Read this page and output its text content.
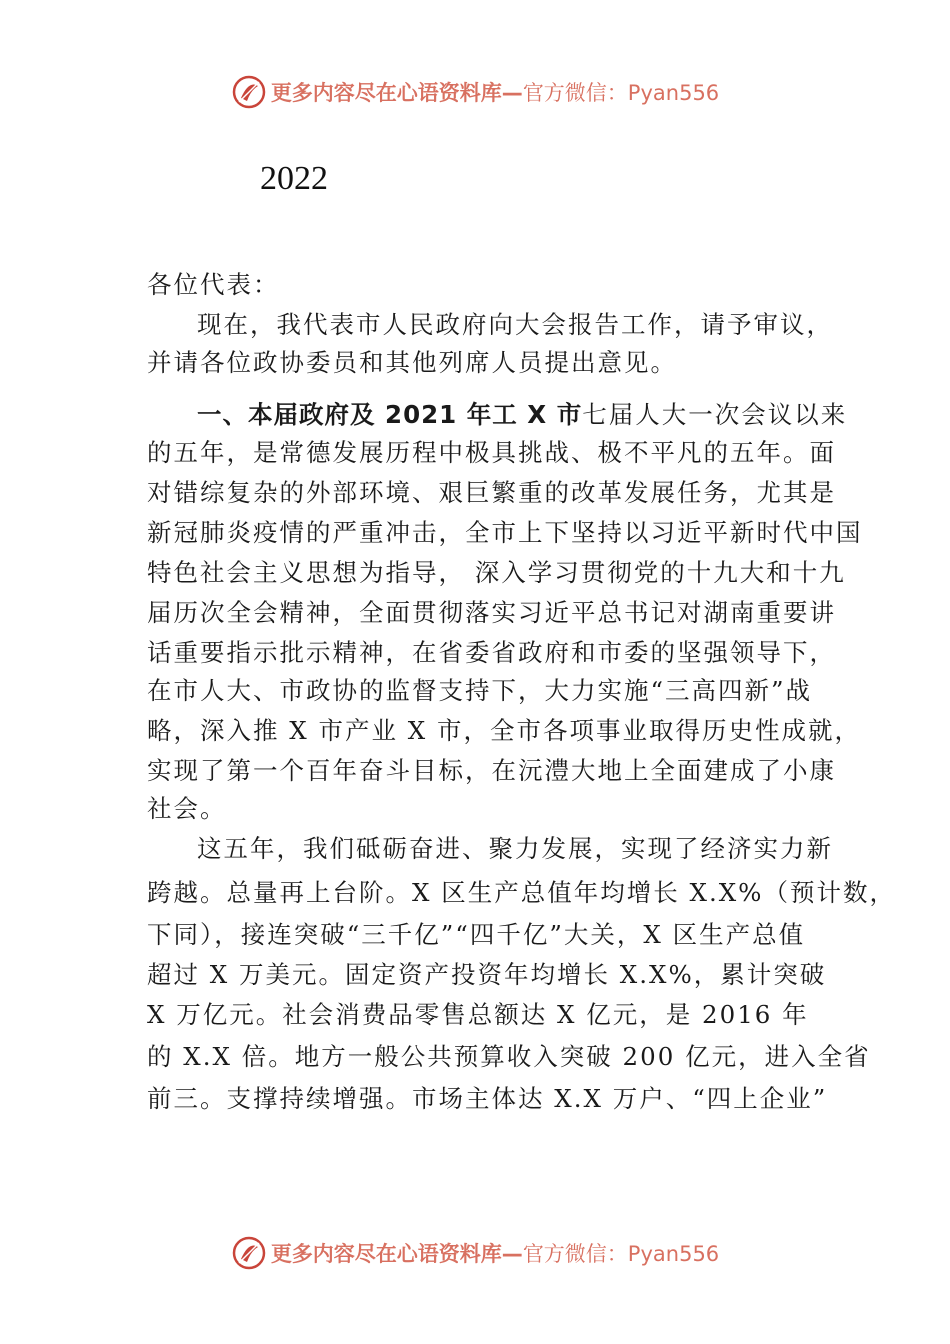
更多内容尽在心语资料库— 官方微信：Pyan556
2022
各位代表：
现在，我代表市人民政府向大会报告工作，请予审议，
并请各位政协委员和其他列席人员提出意见。
一、本届政府及 2021 年工 X 市七届人大一次会议以来
的五年，是常德发展历程中极具挑战、极不平凡的五年。面
对错综复杂的外部环境、艰巨繁重的改革发展任务，尤其是
新冠肺炎疫情的严重冲击，全市上下坚持以习近平新时代中国
特色社会主义思想为指导， 深入学习贯彻党的十九大和十九
届历次全会精神，全面贯彻落实习近平总书记对湖南重要讲
话重要指示批示精神，在省委省政府和市委的坚强领导下，
在市人大、市政协的监督支持下，大力实施“三高四新”战
略，深入推 X 市产业 X 市，全市各项事业取得历史性成就，
实现了第一个百年奋斗目标，在沅澧大地上全面建成了小康
社会。
这五年，我们砥砺奋进、聚力发展，实现了经济实力新
跨越。总量再上台阶。X 区生产总值年均增长 X.X%（预计数，
下同），接连突破“三千亿”“四千亿”大关，X 区生产总值
超过 X 万美元。固定资产投资年均增长 X.X%，累计突破
X 万亿元。社会消费品零售总额达 X 亿元，是 2016 年
的 X.X 倍。地方一般公共预算收入突破 200 亿元，进入全省
前三。支撑持续增强。市场主体达 X.X 万户、“四上企业”
更多内容尽在心语资料库— 官方微信：Pyan556
